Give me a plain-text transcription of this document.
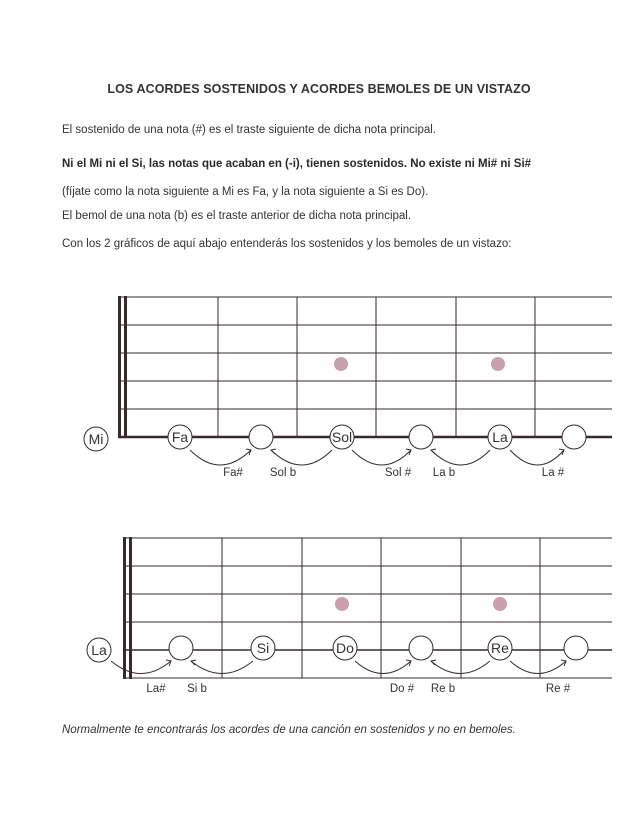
LOS ACORDES SOSTENIDOS Y ACORDES BEMOLES DE UN VISTAZO
El sostenido de una nota (#) es el traste siguiente de dicha nota principal.
Ni el Mi ni el Si, las notas que acaban en (-i), tienen sostenidos. No existe ni Mi# ni Si#
(fíjate como la nota siguiente a Mi es Fa, y la nota siguiente a Si es Do).
El bemol de una nota (b) es el traste anterior de dicha nota principal.
Con los 2 gráficos de aquí abajo entenderás los sostenidos y los bemoles de un vistazo:
Mi	Fa	Sol	La
Fa# Sol b	Sol # La b	La #
La	Si	Do	Re
La# Si b	Do # Re b	Re #
Normalmente te encontrarás los acordes de una canción en sostenidos y no en bemoles.
